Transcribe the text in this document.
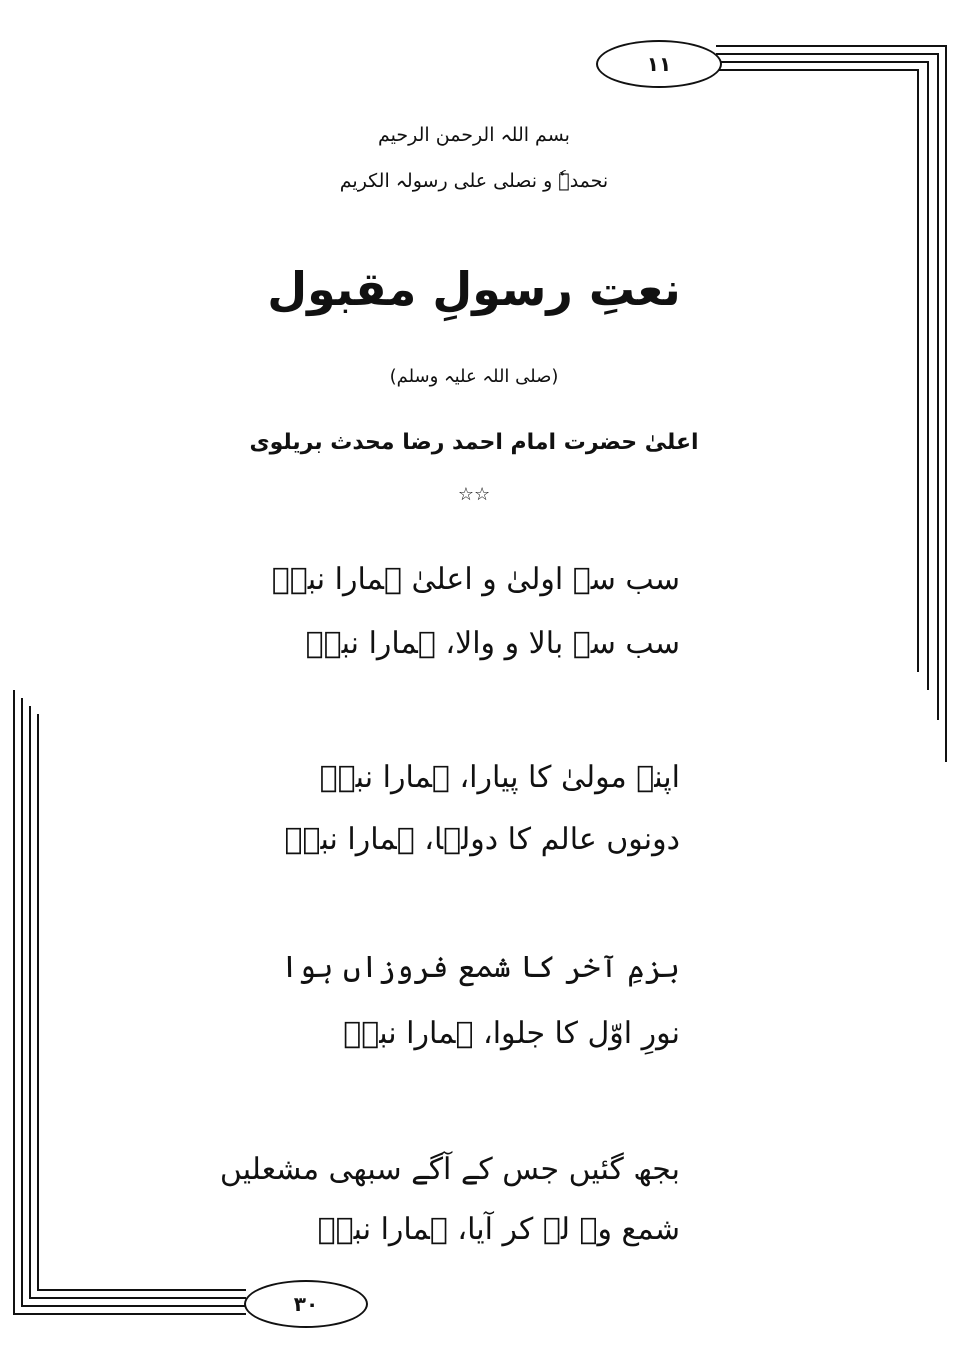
۱۱
۳۰
بسم اللہ الرحمن الرحیم
نحمدہٗ و نصلی علی رسولہ الکریم
نعتِ رسولِ مقبول
(صلی اللہ علیہ وسلم)
اعلیٰ حضرت امام احمد رضا محدث بریلوی
☆☆
سب سے اولیٰ و اعلیٰ ہمارا نبیؐ
سب سے بالا و والا، ہمارا نبیؐ
اپنے مولیٰ کا پیارا، ہمارا نبیؐ
دونوں عالم کا دولہا، ہمارا نبیؐ
بزمِ آخر کا شمع فروزاں ہوا
نورِ اوّل کا جلوا، ہمارا نبیؐ
بجھ گئیں جس کے آگے سبھی مشعلیں
شمع وہ لے کر آیا، ہمارا نبیؐ
